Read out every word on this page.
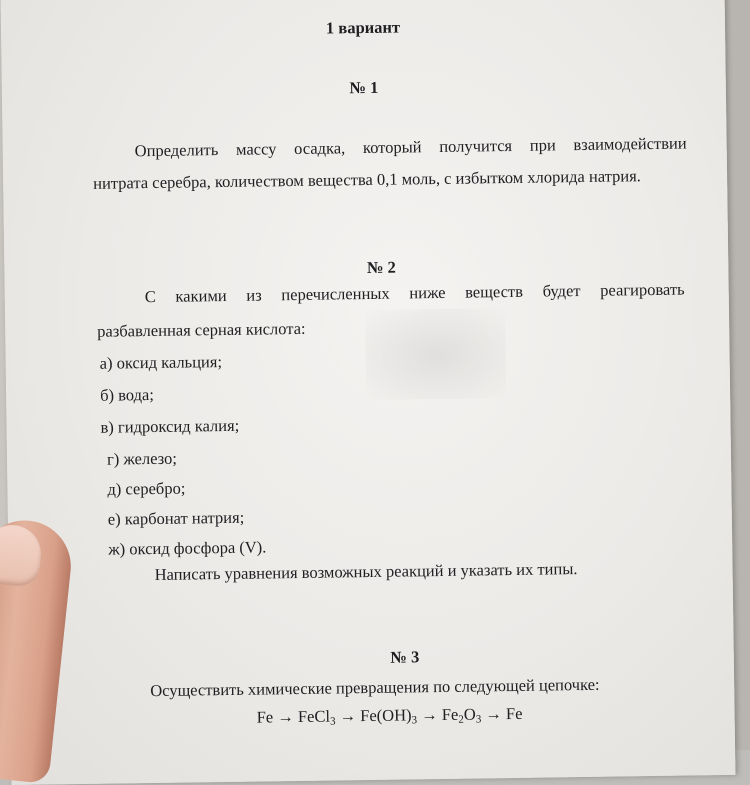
1 вариант
№ 1
Определить массу осадка, который получится при взаимодействии
нитрата серебра, количеством вещества 0,1 моль, с избытком хлорида натрия.
№ 2
С какими из перечисленных ниже веществ будет реагировать
разбавленная серная кислота:
а) оксид кальция;
б) вода;
в) гидроксид калия;
г) железо;
д) серебро;
е) карбонат натрия;
ж) оксид фосфора (V).
Написать уравнения возможных реакций и указать их типы.
№ 3
Осуществить химические превращения по следующей цепочке:
Fe → FeCl$_3$ → $Fe(OH)_3 \to Fe_2O_3 \to Fe$
